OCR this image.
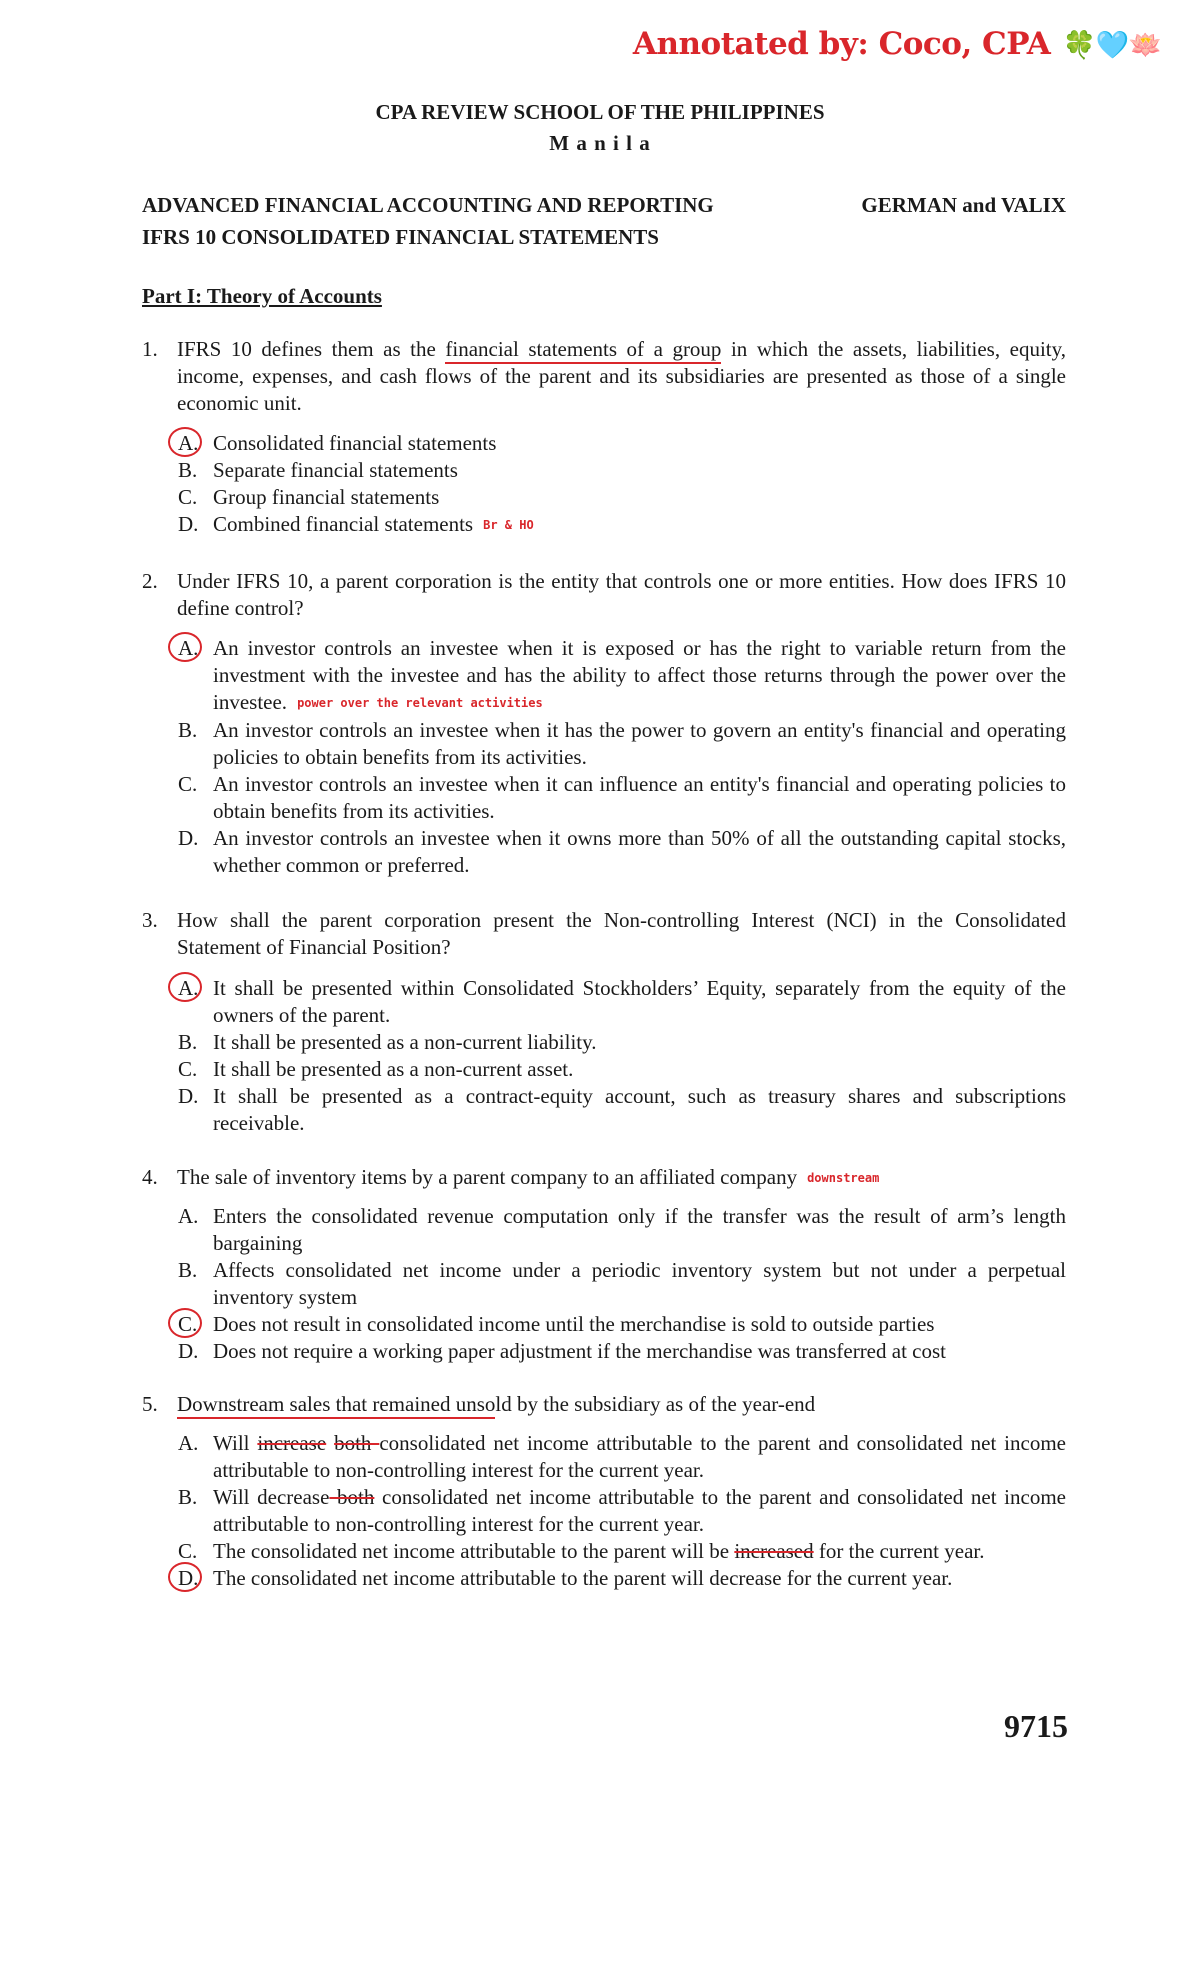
Annotated by: Coco, CPA 🍀🩵🪷
CPA REVIEW SCHOOL OF THE PHILIPPINES
M a n i l a
ADVANCED FINANCIAL ACCOUNTING AND REPORTING	GERMAN and VALIX
IFRS 10 CONSOLIDATED FINANCIAL STATEMENTS
Part I: Theory of Accounts
1. IFRS 10 defines them as the financial statements of a group in which the assets, liabilities, equity, income, expenses, and cash flows of the parent and its subsidiaries are presented as those of a single economic unit.
A. Consolidated financial statements
B. Separate financial statements
C. Group financial statements
D. Combined financial statements Br & HO
2. Under IFRS 10, a parent corporation is the entity that controls one or more entities. How does IFRS 10 define control?
A. An investor controls an investee when it is exposed or has the right to variable return from the investment with the investee and has the ability to affect those returns through the power over the investee. power over the relevant activities
B. An investor controls an investee when it has the power to govern an entity's financial and operating policies to obtain benefits from its activities.
C. An investor controls an investee when it can influence an entity's financial and operating policies to obtain benefits from its activities.
D. An investor controls an investee when it owns more than 50% of all the outstanding capital stocks, whether common or preferred.
3. How shall the parent corporation present the Non-controlling Interest (NCI) in the Consolidated Statement of Financial Position?
A. It shall be presented within Consolidated Stockholders’ Equity, separately from the equity of the owners of the parent.
B. It shall be presented as a non-current liability.
C. It shall be presented as a non-current asset.
D. It shall be presented as a contract-equity account, such as treasury shares and subscriptions receivable.
4. The sale of inventory items by a parent company to an affiliated company downstream
A. Enters the consolidated revenue computation only if the transfer was the result of arm’s length bargaining
B. Affects consolidated net income under a periodic inventory system but not under a perpetual inventory system
C. Does not result in consolidated income until the merchandise is sold to outside parties
D. Does not require a working paper adjustment if the merchandise was transferred at cost
5. Downstream sales that remained unsold by the subsidiary as of the year-end
A. Will increase both consolidated net income attributable to the parent and consolidated net income attributable to non-controlling interest for the current year.
B. Will decrease both consolidated net income attributable to the parent and consolidated net income attributable to non-controlling interest for the current year.
C. The consolidated net income attributable to the parent will be increased for the current year.
D. The consolidated net income attributable to the parent will decrease for the current year.
9715
